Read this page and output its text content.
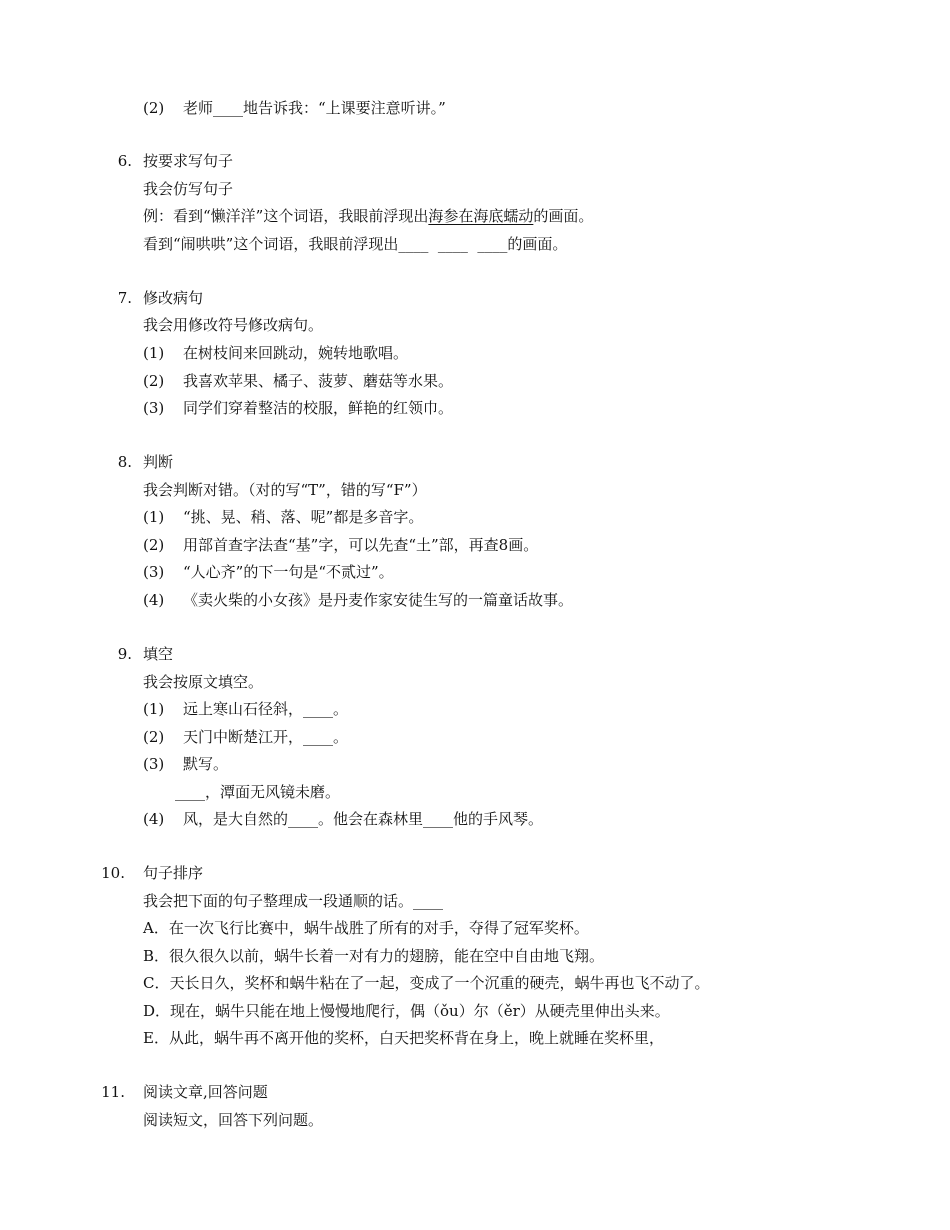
(2) 老师____地告诉我：“上课要注意听讲。”
6. 按要求写句子
我会仿写句子
例：看到“懒洋洋”这个词语，我眼前浮现出海参在海底蠕动的画面。
看到“闹哄哄”这个词语，我眼前浮现出____  ____  ____的画面。
7. 修改病句
我会用修改符号修改病句。
(1) 在树枝间来回跳动，婉转地歌唱。
(2) 我喜欢苹果、橘子、菠萝、蘑菇等水果。
(3) 同学们穿着整洁的校服，鲜艳的红领巾。
8. 判断
我会判断对错。（对的写“T”，错的写“F”）
(1) “挑、晃、稍、落、呢”都是多音字。
(2) 用部首查字法查“基”字，可以先查“土”部，再查8画。
(3) “人心齐”的下一句是“不贰过”。
(4) 《卖火柴的小女孩》是丹麦作家安徒生写的一篇童话故事。
9. 填空
我会按原文填空。
(1) 远上寒山石径斜，____。
(2) 天门中断楚江开，____。
(3) 默写。
____，潭面无风镜未磨。
(4) 风，是大自然的____。他会在森林里____他的手风琴。
10. 句子排序
我会把下面的句子整理成一段通顺的话。____
A．在一次飞行比赛中，蜗牛战胜了所有的对手，夺得了冠军奖杯。
B．很久很久以前，蜗牛长着一对有力的翅膀，能在空中自由地飞翔。
C．天长日久，奖杯和蜗牛粘在了一起，变成了一个沉重的硬壳，蜗牛再也飞不动了。
D．现在，蜗牛只能在地上慢慢地爬行，偶（ǒu）尔（ěr）从硬壳里伸出头来。
E．从此，蜗牛再不离开他的奖杯，白天把奖杯背在身上，晚上就睡在奖杯里，
11. 阅读文章,回答问题
阅读短文，回答下列问题。
